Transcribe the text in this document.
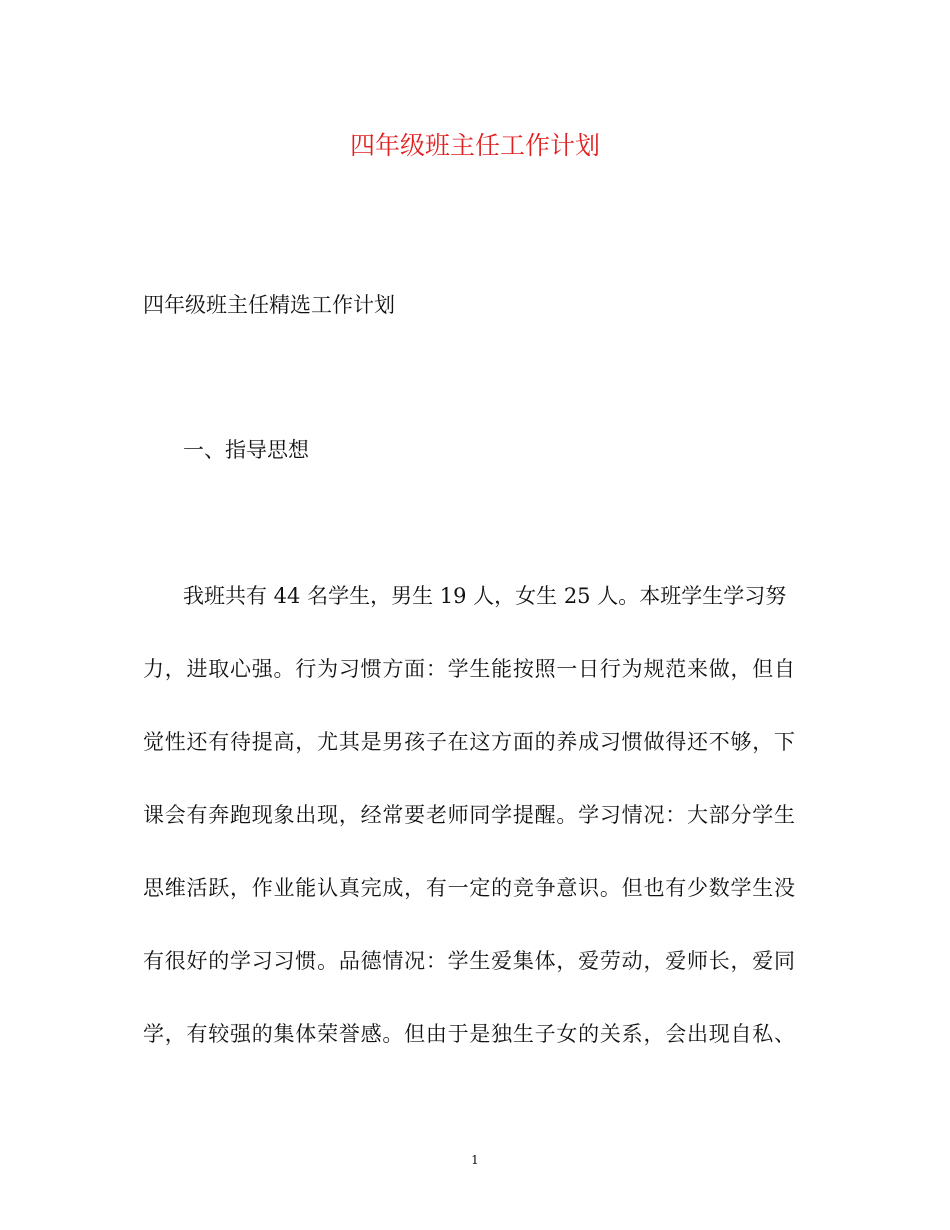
四年级班主任工作计划

四年级班主任精选工作计划

一、指导思想

我班共有 44 名学生，男生 19 人，女生 25 人。本班学生学习努
力，进取心强。行为习惯方面：学生能按照一日行为规范来做，但自
觉性还有待提高，尤其是男孩子在这方面的养成习惯做得还不够，下
课会有奔跑现象出现，经常要老师同学提醒。学习情况：大部分学生
思维活跃，作业能认真完成，有一定的竞争意识。但也有少数学生没
有很好的学习习惯。品德情况：学生爱集体，爱劳动，爱师长，爱同
学，有较强的集体荣誉感。但由于是独生子女的关系，会出现自私、
1
